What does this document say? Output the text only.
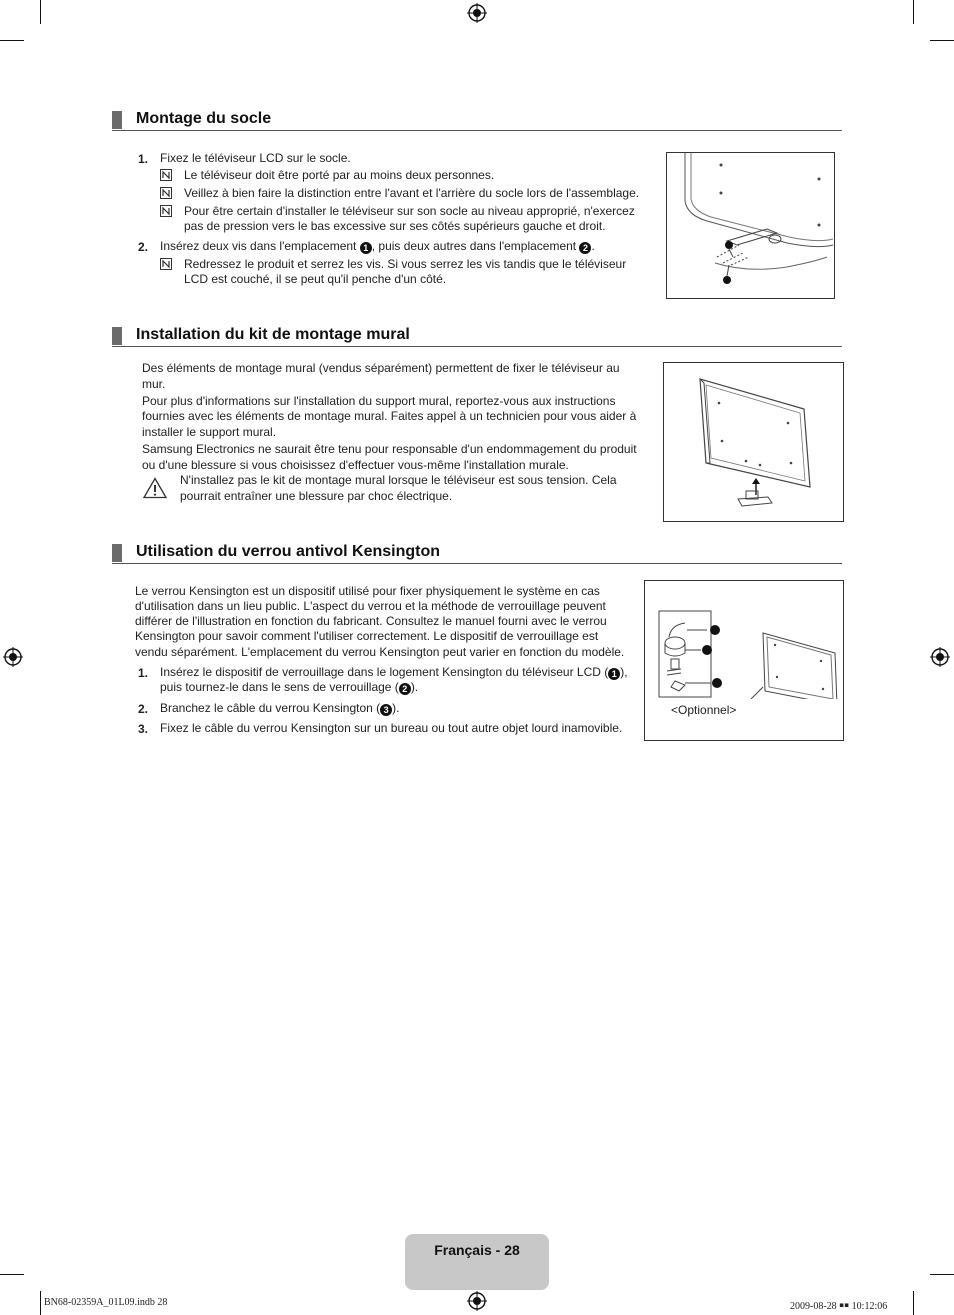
Montage du socle
1. Fixez le téléviseur LCD sur le socle.
Le téléviseur doit être porté par au moins deux personnes.
Veillez à bien faire la distinction entre l'avant et l'arrière du socle lors de l'assemblage.
Pour être certain d'installer le téléviseur sur son socle au niveau approprié, n'exercez
pas de pression vers le bas excessive sur ses côtés supérieurs gauche et droit.
2. Insérez deux vis dans l'emplacement 1 , puis deux autres dans l'emplacement 2 .
Redressez le produit et serrez les vis. Si vous serrez les vis tandis que le téléviseur
LCD est couché, il se peut qu'il penche d'un côté.
Installation du kit de montage mural
Des éléments de montage mural (vendus séparément) permettent de fixer le téléviseur au
mur.
Pour plus d'informations sur l'installation du support mural, reportez-vous aux instructions
fournies avec les éléments de montage mural. Faites appel à un technicien pour vous aider à
installer le support mural.
Samsung Electronics ne saurait être tenu pour responsable d'un endommagement du produit
ou d'une blessure si vous choisissez d'effectuer vous-même l'installation murale.
N'installez pas le kit de montage mural lorsque le téléviseur est sous tension. Cela
pourrait entraîner une blessure par choc électrique.
Utilisation du verrou antivol Kensington
Le verrou Kensington est un dispositif utilisé pour fixer physiquement le système en cas
d'utilisation dans un lieu public. L'aspect du verrou et la méthode de verrouillage peuvent
différer de l'illustration en fonction du fabricant. Consultez le manuel fourni avec le verrou
Kensington pour savoir comment l'utiliser correctement. Le dispositif de verrouillage est
vendu séparément. L'emplacement du verrou Kensington peut varier en fonction du modèle.
1. Insérez le dispositif de verrouillage dans le logement Kensington du téléviseur LCD ( 1 ),
puis tournez-le dans le sens de verrouillage ( 2 ).
2. Branchez le câble du verrou Kensington ( 3 ).
3. Fixez le câble du verrou Kensington sur un bureau ou tout autre objet lourd inamovible.
<Optionnel>
Français - 28
BN68-02359A_01L09.indb 28	2009-08-28 ￭￭ 10:12:06
